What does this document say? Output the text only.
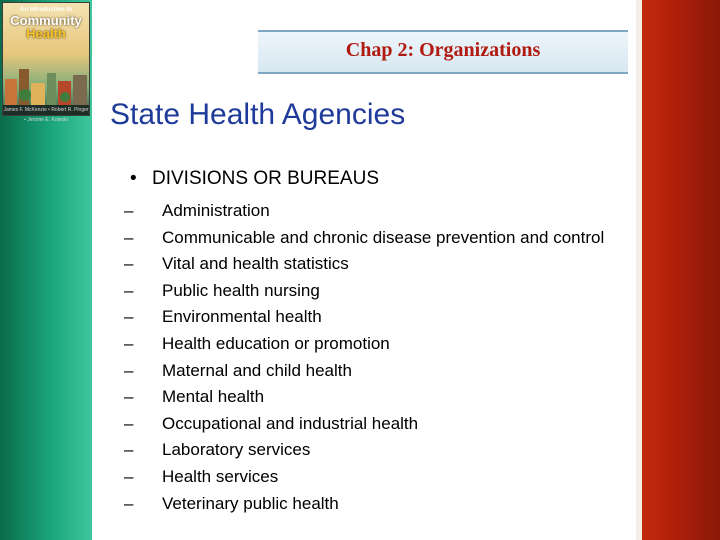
An Introduction to
Community
Health
James F. McKenzie • Robert R. Pinger • Jerome E. Kotecki
Chap 2: Organizations
State Health Agencies
• DIVISIONS OR BUREAUS
– Administration
– Communicable and chronic disease prevention and control
– Vital and health statistics
– Public health nursing
– Environmental health
– Health education or promotion
– Maternal and child health
– Mental health
– Occupational and industrial health
– Laboratory services
– Health services
– Veterinary public health
